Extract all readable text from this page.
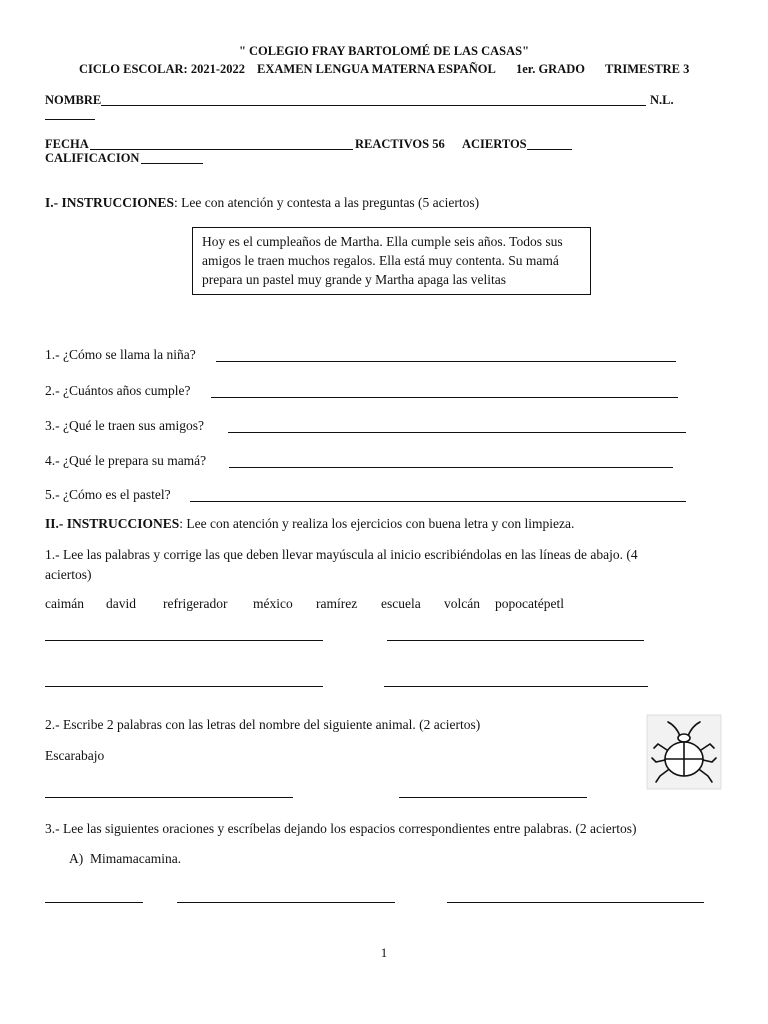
" COLEGIO FRAY BARTOLOMÉ DE LAS CASAS"
CICLO ESCOLAR: 2021-2022 EXAMEN LENGUA MATERNA ESPAÑOL 1er. GRADO TRIMESTRE 3
NOMBRE	N.L.
FECHA	REACTIVOS 56 ACIERTOS
CALIFICACION
I.- INSTRUCCIONES: Lee con atención y contesta a las preguntas (5 aciertos)
Hoy es el cumpleaños de Martha. Ella cumple seis años. Todos sus amigos le traen muchos regalos. Ella está muy contenta. Su mamá prepara un pastel muy grande y Martha apaga las velitas
1.- ¿Cómo se llama la niña?
2.- ¿Cuántos años cumple?
3.- ¿Qué le traen sus amigos?
4.- ¿Qué le prepara su mamá?
5.- ¿Cómo es el pastel?
II.- INSTRUCCIONES: Lee con atención y realiza los ejercicios con buena letra y con limpieza.
1.- Lee las palabras y corrige las que deben llevar mayúscula al inicio escribiéndolas en las líneas de abajo. (4
aciertos)
caimán david refrigerador méxico ramírez escuela volcán popocatépetl
2.- Escribe 2 palabras con las letras del nombre del siguiente animal. (2 aciertos)
Escarabajo
3.- Lee las siguientes oraciones y escríbelas dejando los espacios correspondientes entre palabras. (2 aciertos)
A) Mimamacamina.
1
